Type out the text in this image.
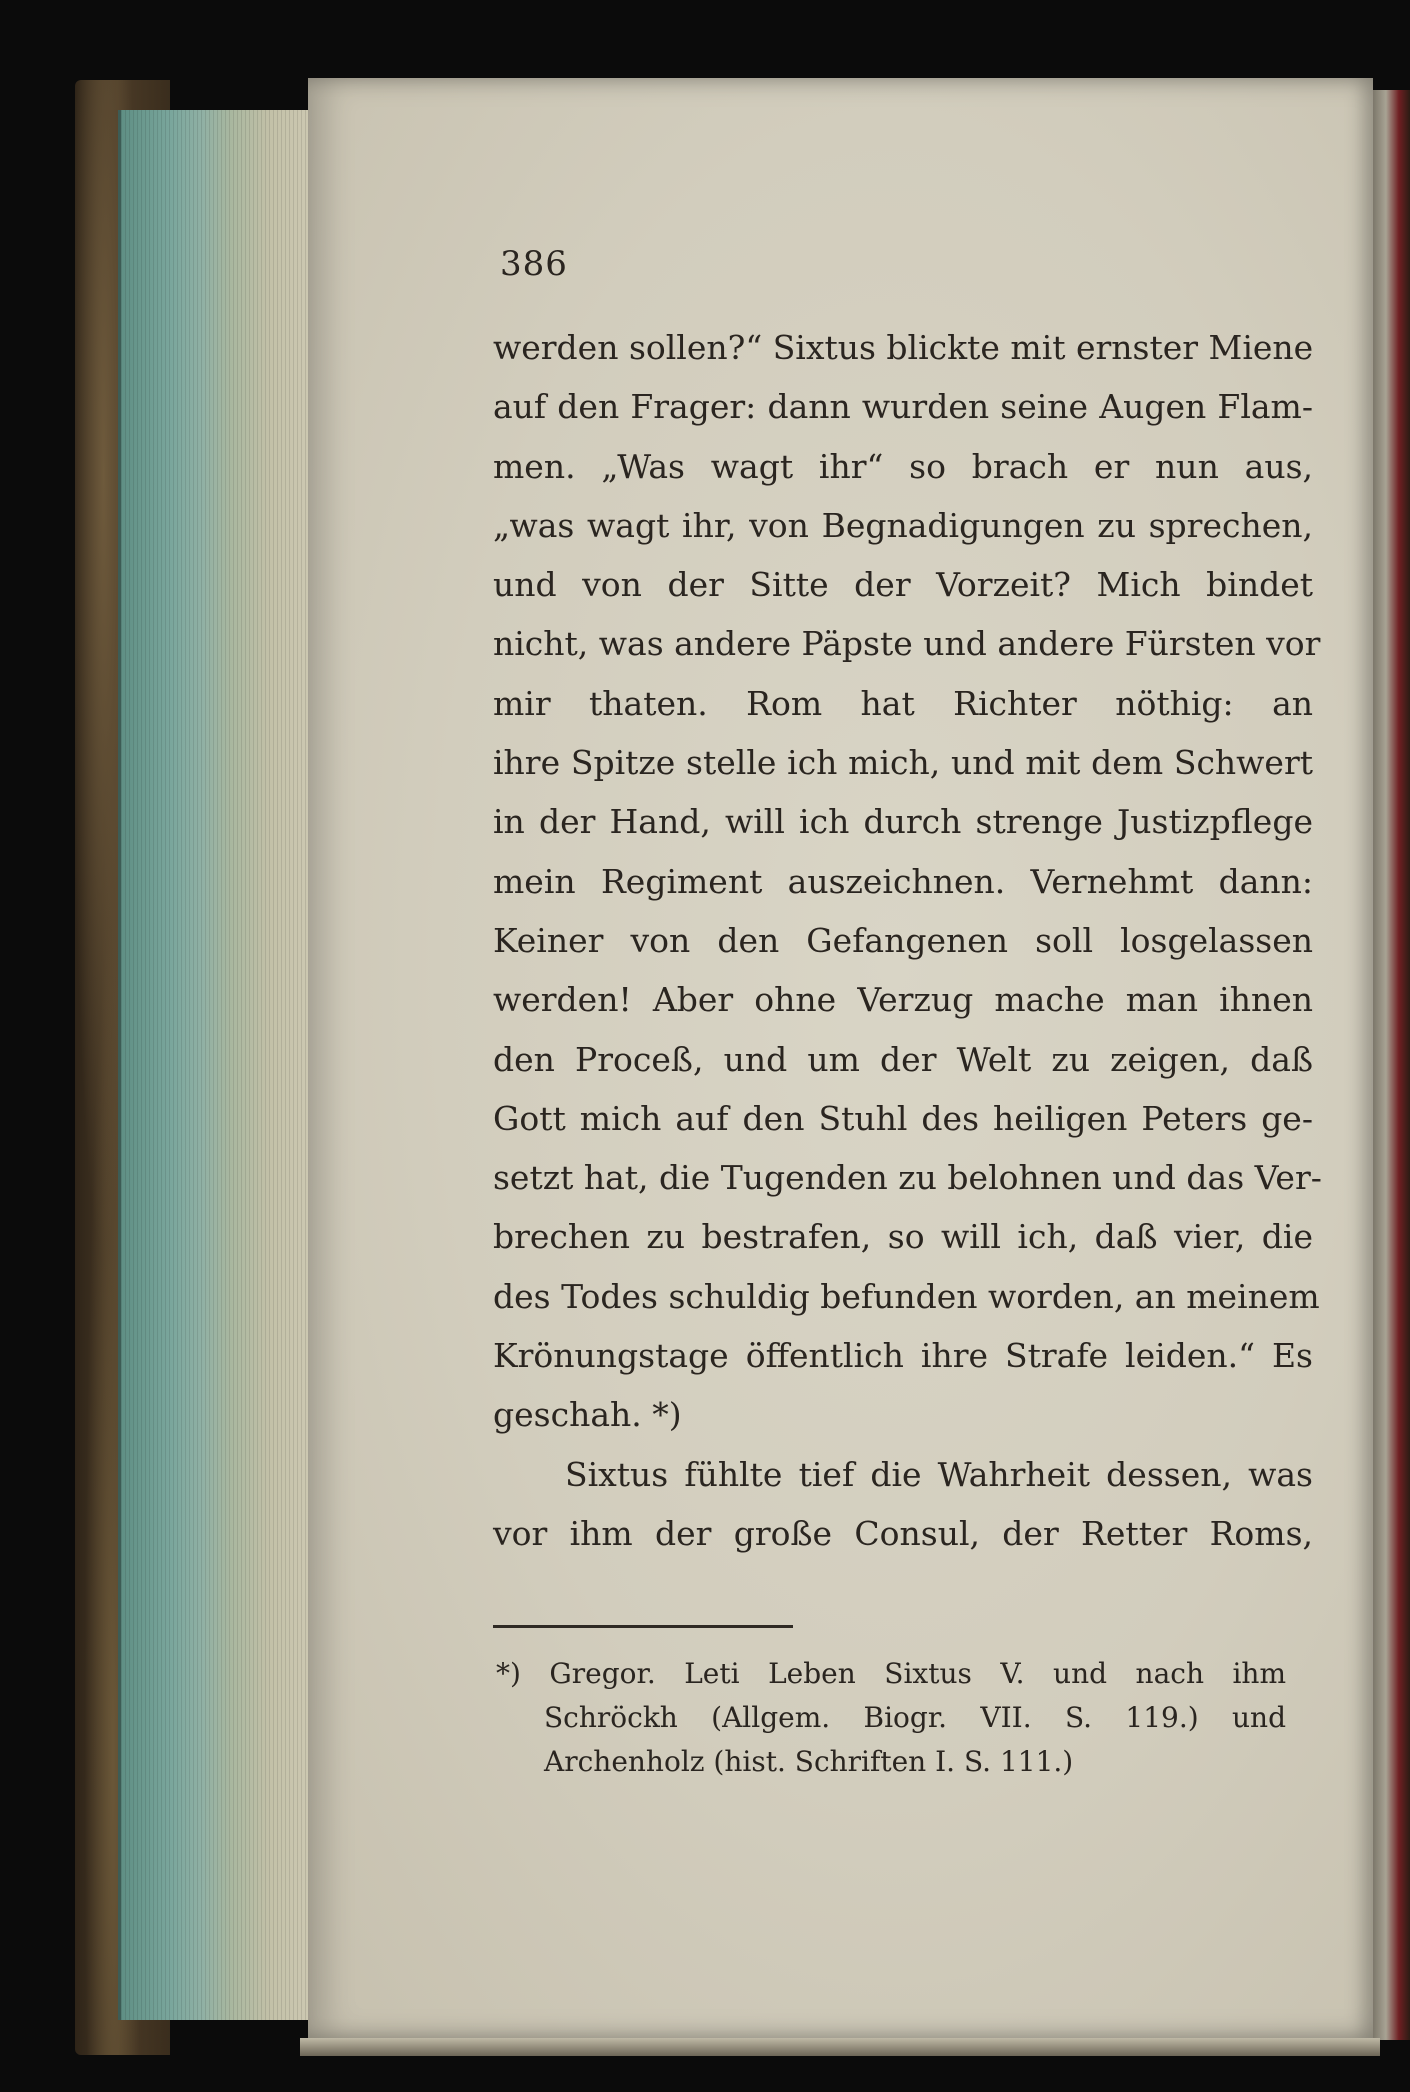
386
werden sollen?“ Sixtus blickte mit ernster Miene
auf den Frager: dann wurden seine Augen Flam-
men. „Was wagt ihr“ so brach er nun aus,
„was wagt ihr, von Begnadigungen zu sprechen,
und von der Sitte der Vorzeit? Mich bindet
nicht, was andere Päpste und andere Fürsten vor
mir thaten. Rom hat Richter nöthig: an
ihre Spitze stelle ich mich, und mit dem Schwert
in der Hand, will ich durch strenge Justizpflege
mein Regiment auszeichnen. Vernehmt dann:
Keiner von den Gefangenen soll losgelassen
werden! Aber ohne Verzug mache man ihnen
den Proceß, und um der Welt zu zeigen, daß
Gott mich auf den Stuhl des heiligen Peters ge-
setzt hat, die Tugenden zu belohnen und das Ver-
brechen zu bestrafen, so will ich, daß vier, die
des Todes schuldig befunden worden, an meinem
Krönungstage öffentlich ihre Strafe leiden.“ Es
geschah. *)
Sixtus fühlte tief die Wahrheit dessen, was
vor ihm der große Consul, der Retter Roms,
*) Gregor. Leti Leben Sixtus V. und nach ihm
Schröckh (Allgem. Biogr. VII. S. 119.) und
Archenholz (hist. Schriften I. S. 111.)
